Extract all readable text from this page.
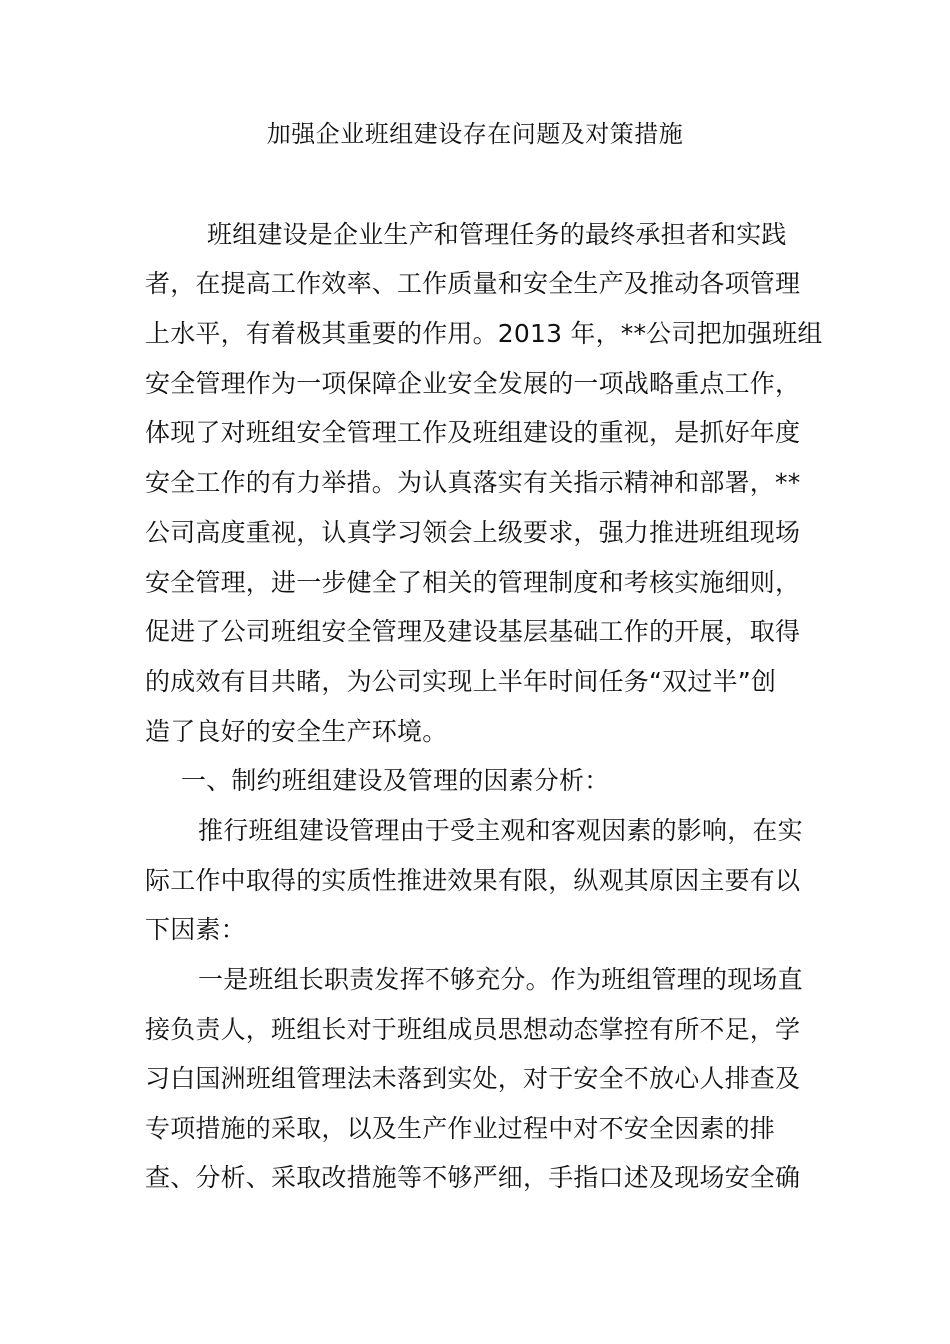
加强企业班组建设存在问题及对策措施
班组建设是企业生产和管理任务的最终承担者和实践
者，在提高工作效率、工作质量和安全生产及推动各项管理
上水平，有着极其重要的作用。2013 年，**公司把加强班组
安全管理作为一项保障企业安全发展的一项战略重点工作，
体现了对班组安全管理工作及班组建设的重视，是抓好年度
安全工作的有力举措。为认真落实有关指示精神和部署，**
公司高度重视，认真学习领会上级要求，强力推进班组现场
安全管理，进一步健全了相关的管理制度和考核实施细则，
促进了公司班组安全管理及建设基层基础工作的开展，取得
的成效有目共睹，为公司实现上半年时间任务“双过半”创
造了良好的安全生产环境。
一、制约班组建设及管理的因素分析：
推行班组建设管理由于受主观和客观因素的影响，在实
际工作中取得的实质性推进效果有限，纵观其原因主要有以
下因素：
一是班组长职责发挥不够充分。作为班组管理的现场直
接负责人，班组长对于班组成员思想动态掌控有所不足，学
习白国洲班组管理法未落到实处，对于安全不放心人排查及
专项措施的采取，以及生产作业过程中对不安全因素的排
查、分析、采取改措施等不够严细，手指口述及现场安全确
